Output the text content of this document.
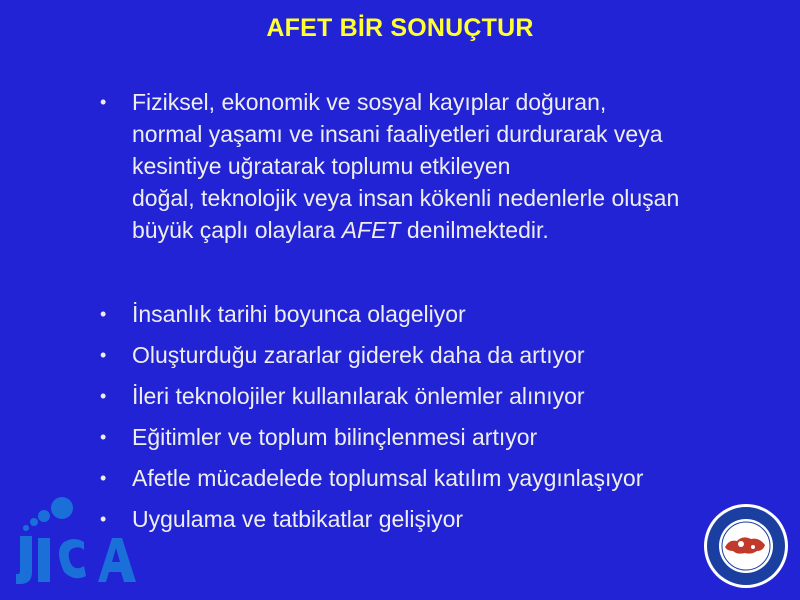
AFET BİR SONUÇTUR
• Fiziksel, ekonomik ve sosyal kayıplar doğuran,
normal yaşamı ve insani faaliyetleri durdurarak veya
kesintiye uğratarak toplumu etkileyen
doğal, teknolojik veya insan kökenli nedenlerle oluşan
büyük çaplı olaylara AFET denilmektedir.
• İnsanlık tarihi boyunca olageliyor
• Oluşturduğu zararlar giderek daha da artıyor
• İleri teknolojiler kullanılarak önlemler alınıyor
• Eğitimler ve toplum bilinçlenmesi artıyor
• Afetle mücadelede toplumsal katılım yaygınlaşıyor
• Uygulama ve tatbikatlar gelişiyor
